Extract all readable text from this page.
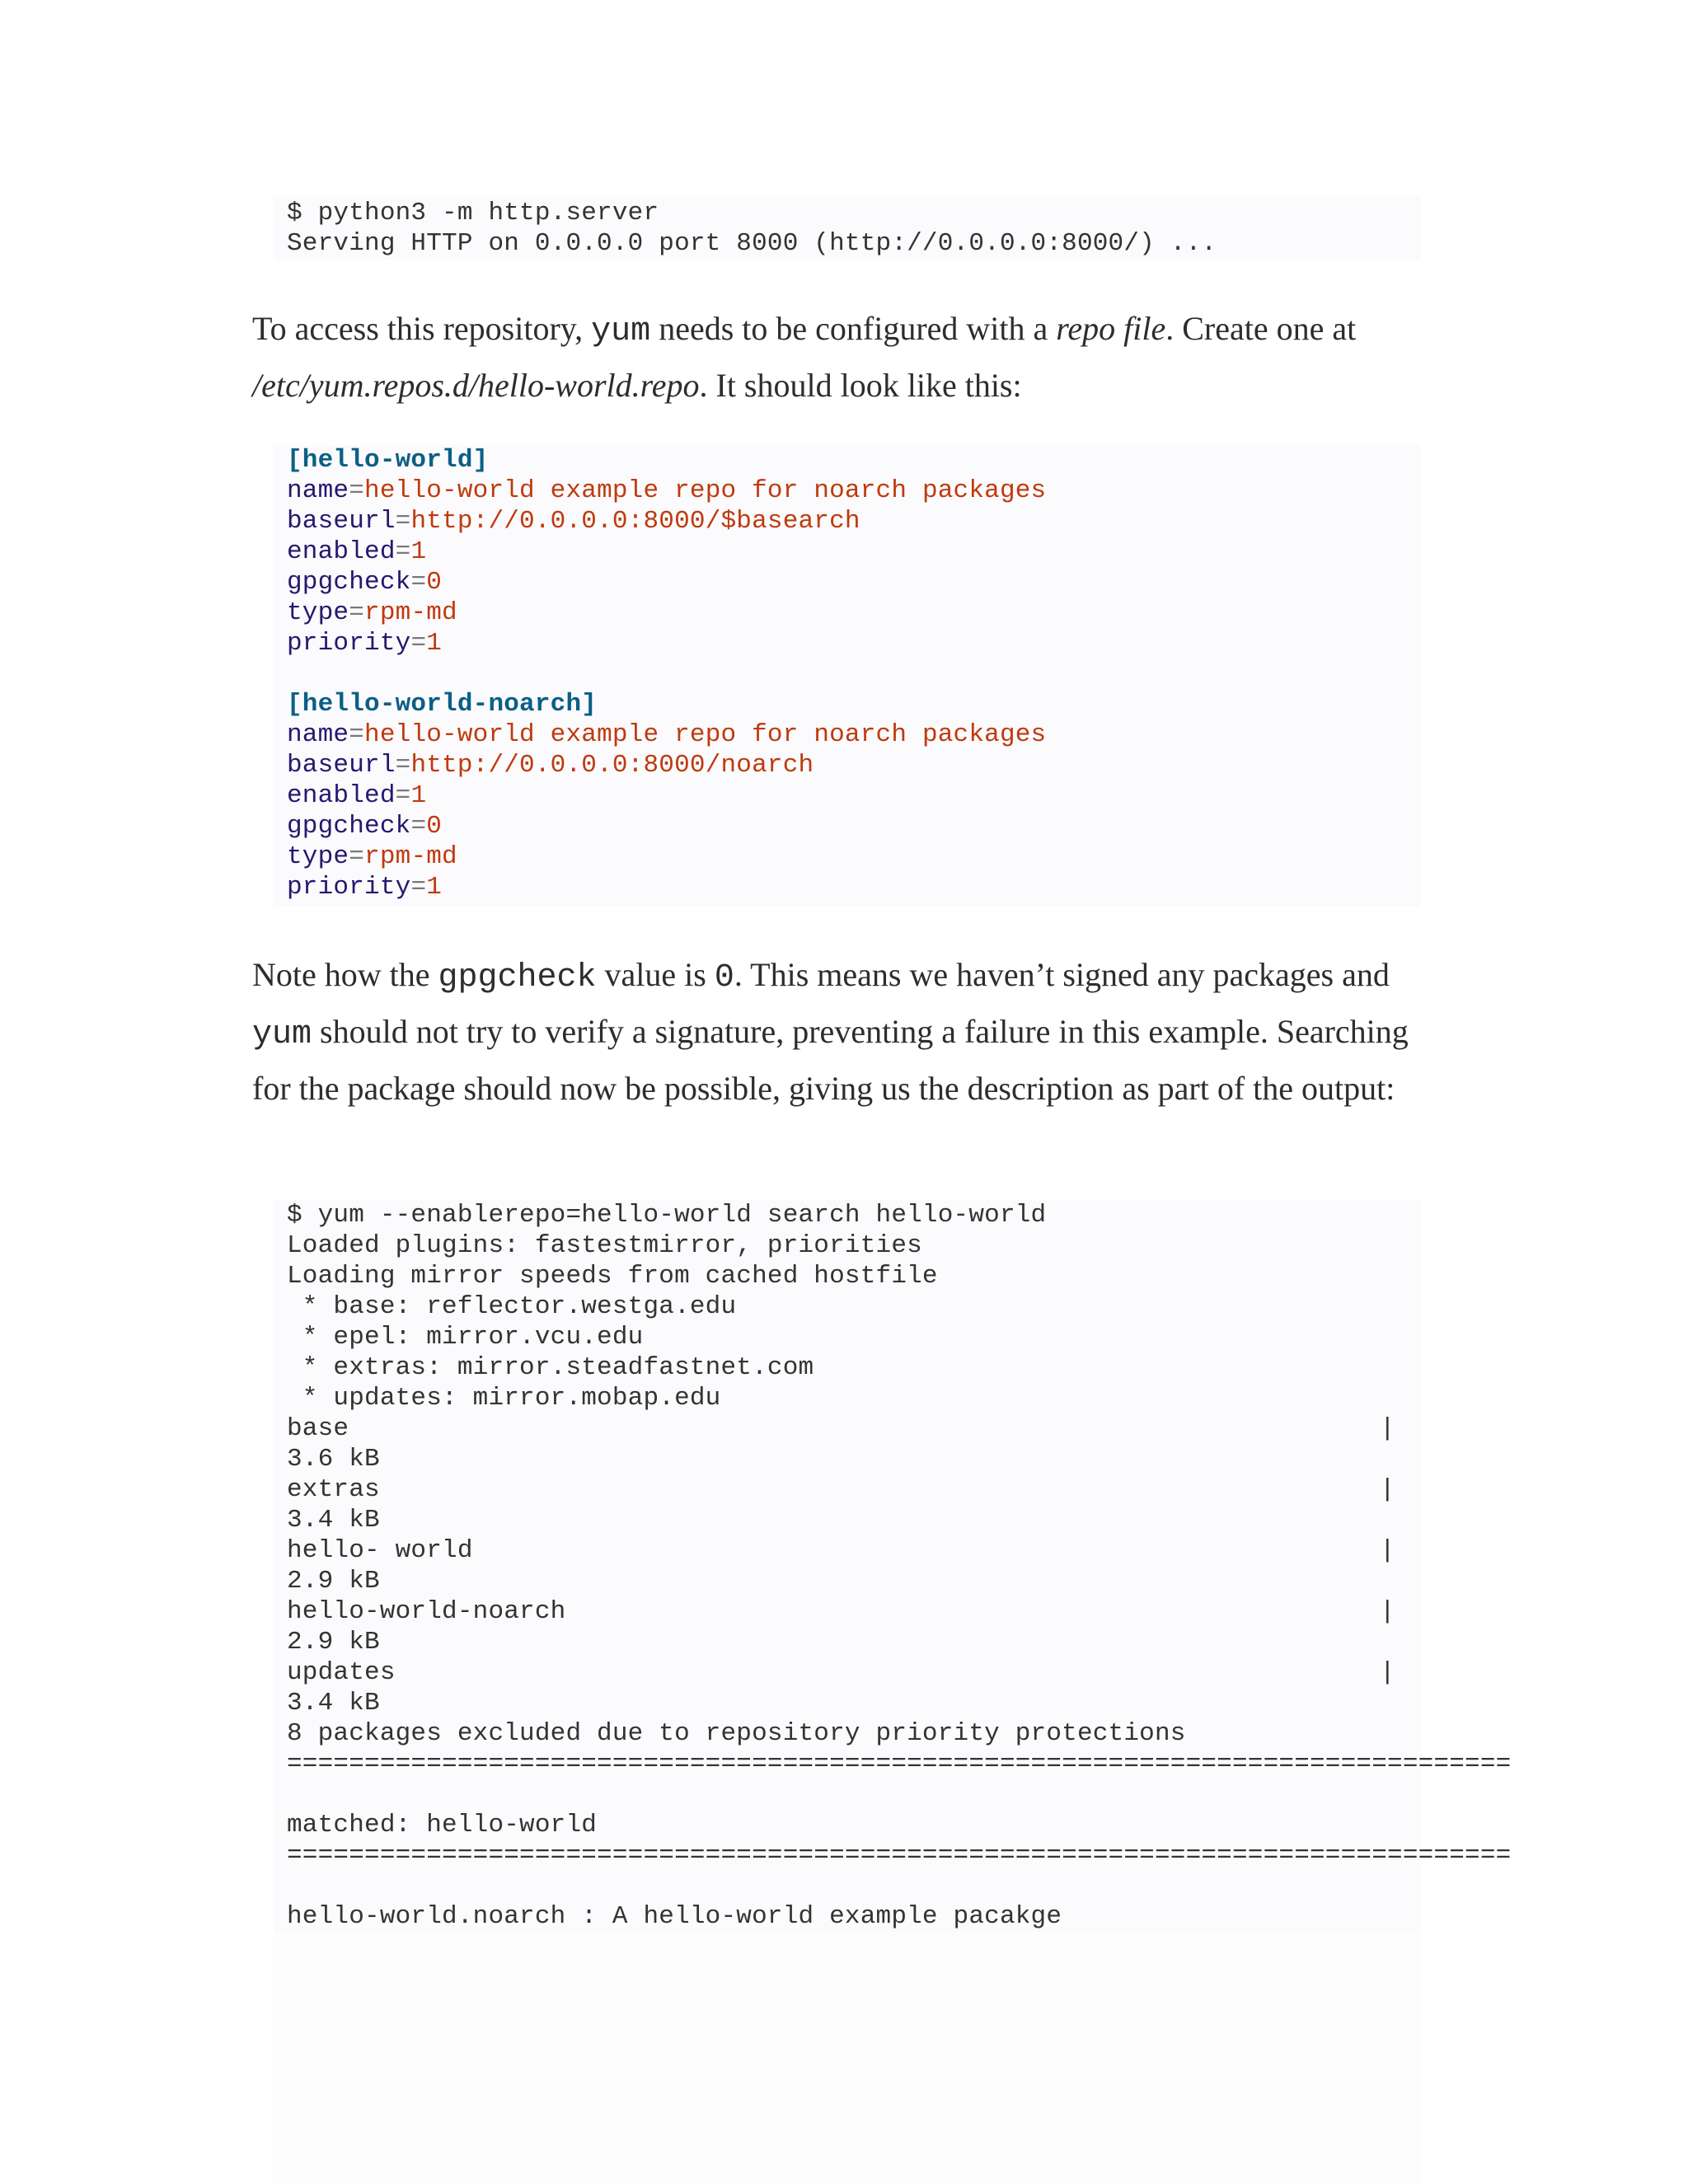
$ python3 -m http.server
Serving HTTP on 0.0.0.0 port 8000 (http://0.0.0.0:8000/) ...
To access this repository, yum needs to be configured with a repo file. Create one at
/etc/yum.repos.d/hello-world.repo. It should look like this:
[hello-world]
name=hello-world example repo for noarch packages
baseurl=http://0.0.0.0:8000/$basearch
enabled=1
gpgcheck=0
type=rpm-md
priority=1
[hello-world-noarch]
name=hello-world example repo for noarch packages
baseurl=http://0.0.0.0:8000/noarch
enabled=1
gpgcheck=0
type=rpm-md
priority=1
Note how the gpgcheck value is 0. This means we haven’t signed any packages and yum should not try to verify a signature, preventing a failure in this example. Searching for the package should now be possible, giving us the description as part of the output:
$ yum --enablerepo=hello-world search hello-world
Loaded plugins: fastestmirror, priorities
Loading mirror speeds from cached hostfile
* base: reflector.westga.edu
* epel: mirror.vcu.edu
* extras: mirror.steadfastnet.com
* updates: mirror.mobap.edu
base	|
3.6 kB
extras	|
3.4 kB
hello- world	|
2.9 kB
hello-world-noarch	|
2.9 kB
updates	|
3.4 kB
8 packages excluded due to repository priority protections
===============================================================================
matched: hello-world
===============================================================================
hello-world.noarch : A hello-world example pacakge
